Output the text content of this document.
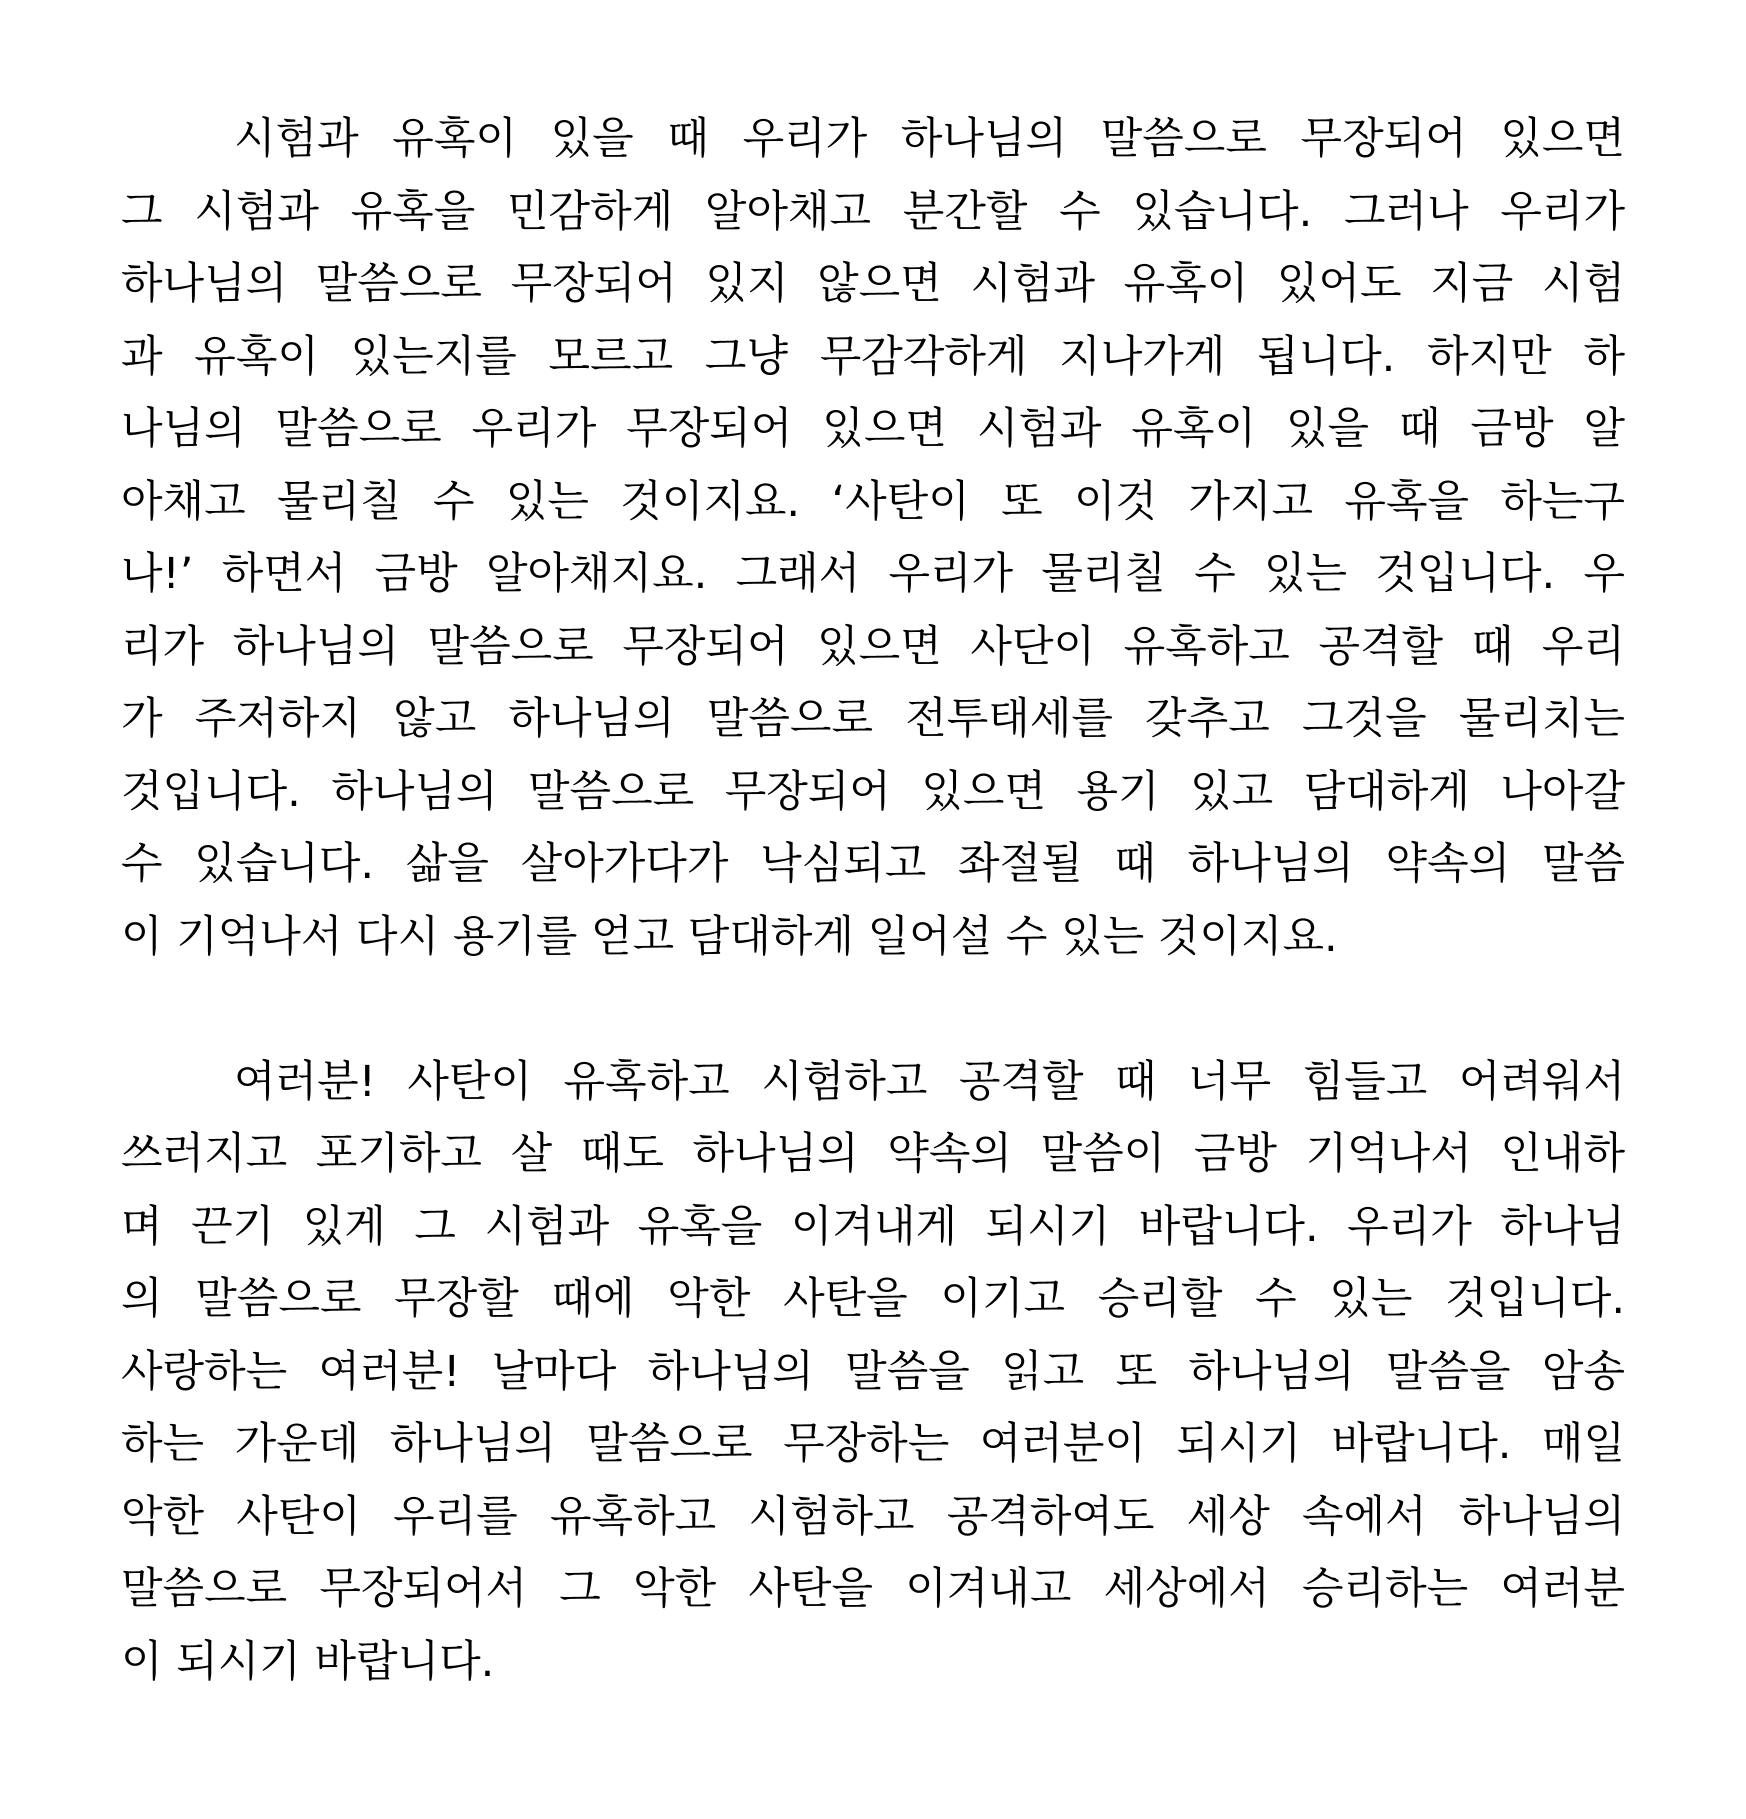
시험과 유혹이 있을 때 우리가 하나님의 말씀으로 무장되어 있으면
그 시험과 유혹을 민감하게 알아채고 분간할 수 있습니다. 그러나 우리가
하나님의 말씀으로 무장되어 있지 않으면 시험과 유혹이 있어도 지금 시험
과 유혹이 있는지를 모르고 그냥 무감각하게 지나가게 됩니다. 하지만 하
나님의 말씀으로 우리가 무장되어 있으면 시험과 유혹이 있을 때 금방 알
아채고 물리칠 수 있는 것이지요. ‘사탄이 또 이것 가지고 유혹을 하는구
나!’ 하면서 금방 알아채지요. 그래서 우리가 물리칠 수 있는 것입니다. 우
리가 하나님의 말씀으로 무장되어 있으면 사단이 유혹하고 공격할 때 우리
가 주저하지 않고 하나님의 말씀으로 전투태세를 갖추고 그것을 물리치는
것입니다. 하나님의 말씀으로 무장되어 있으면 용기 있고 담대하게 나아갈
수 있습니다. 삶을 살아가다가 낙심되고 좌절될 때 하나님의 약속의 말씀
이 기억나서 다시 용기를 얻고 담대하게 일어설 수 있는 것이지요.
여러분! 사탄이 유혹하고 시험하고 공격할 때 너무 힘들고 어려워서
쓰러지고 포기하고 살 때도 하나님의 약속의 말씀이 금방 기억나서 인내하
며 끈기 있게 그 시험과 유혹을 이겨내게 되시기 바랍니다. 우리가 하나님
의 말씀으로 무장할 때에 악한 사탄을 이기고 승리할 수 있는 것입니다.
사랑하는 여러분! 날마다 하나님의 말씀을 읽고 또 하나님의 말씀을 암송
하는 가운데 하나님의 말씀으로 무장하는 여러분이 되시기 바랍니다. 매일
악한 사탄이 우리를 유혹하고 시험하고 공격하여도 세상 속에서 하나님의
말씀으로 무장되어서 그 악한 사탄을 이겨내고 세상에서 승리하는 여러분
이 되시기 바랍니다.
